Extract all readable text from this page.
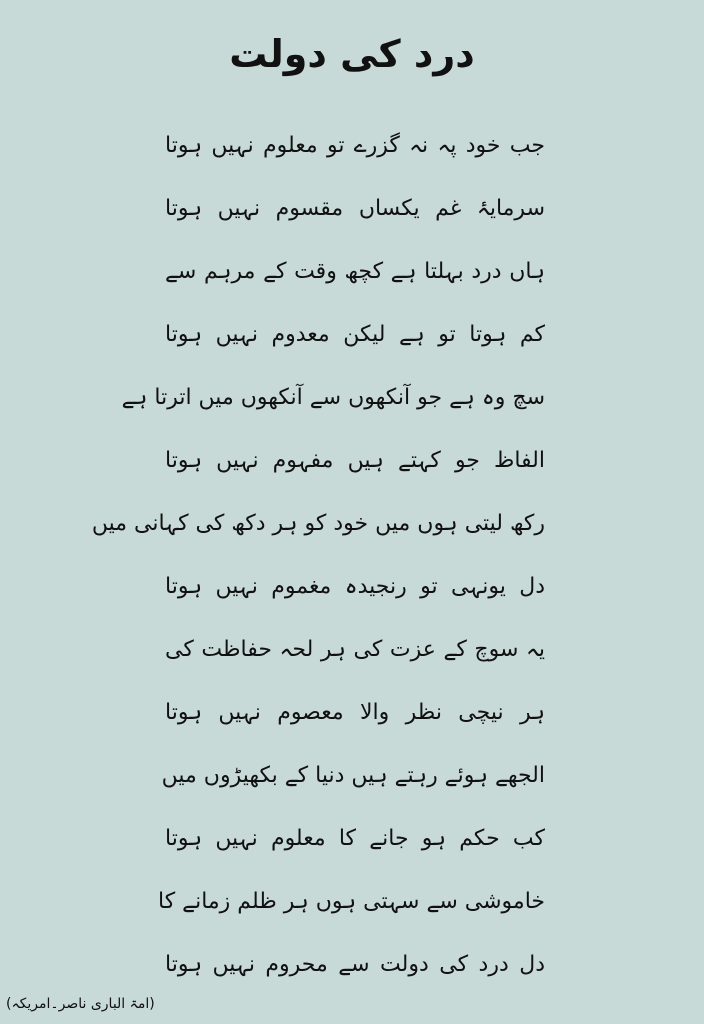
درد کی دولت
جب خود پہ نہ گزرے تو معلوم نہیں ہوتا
سرمایۂ غم یکساں مقسوم نہیں ہوتا
ہاں درد بہلتا ہے کچھ وقت کے مرہم سے
کم ہوتا تو ہے لیکن معدوم نہیں ہوتا
سچ وہ ہے جو آنکھوں سے آنکھوں میں اترتا ہے
الفاظ جو کہتے ہیں مفہوم نہیں ہوتا
رکھ لیتی ہوں میں خود کو ہر دکھ کی کہانی میں
دل یونہی تو رنجیدہ مغموم نہیں ہوتا
یہ سوچ کے عزت کی ہر لحہ حفاظت کی
ہر نیچی نظر والا معصوم نہیں ہوتا
الجھے ہوئے رہتے ہیں دنیا کے بکھیڑوں میں
کب حکم ہو جانے کا معلوم نہیں ہوتا
خاموشی سے سہتی ہوں ہر ظلم زمانے کا
دل درد کی دولت سے محروم نہیں ہوتا
(امۃ الباری ناصر۔امریکہ)
